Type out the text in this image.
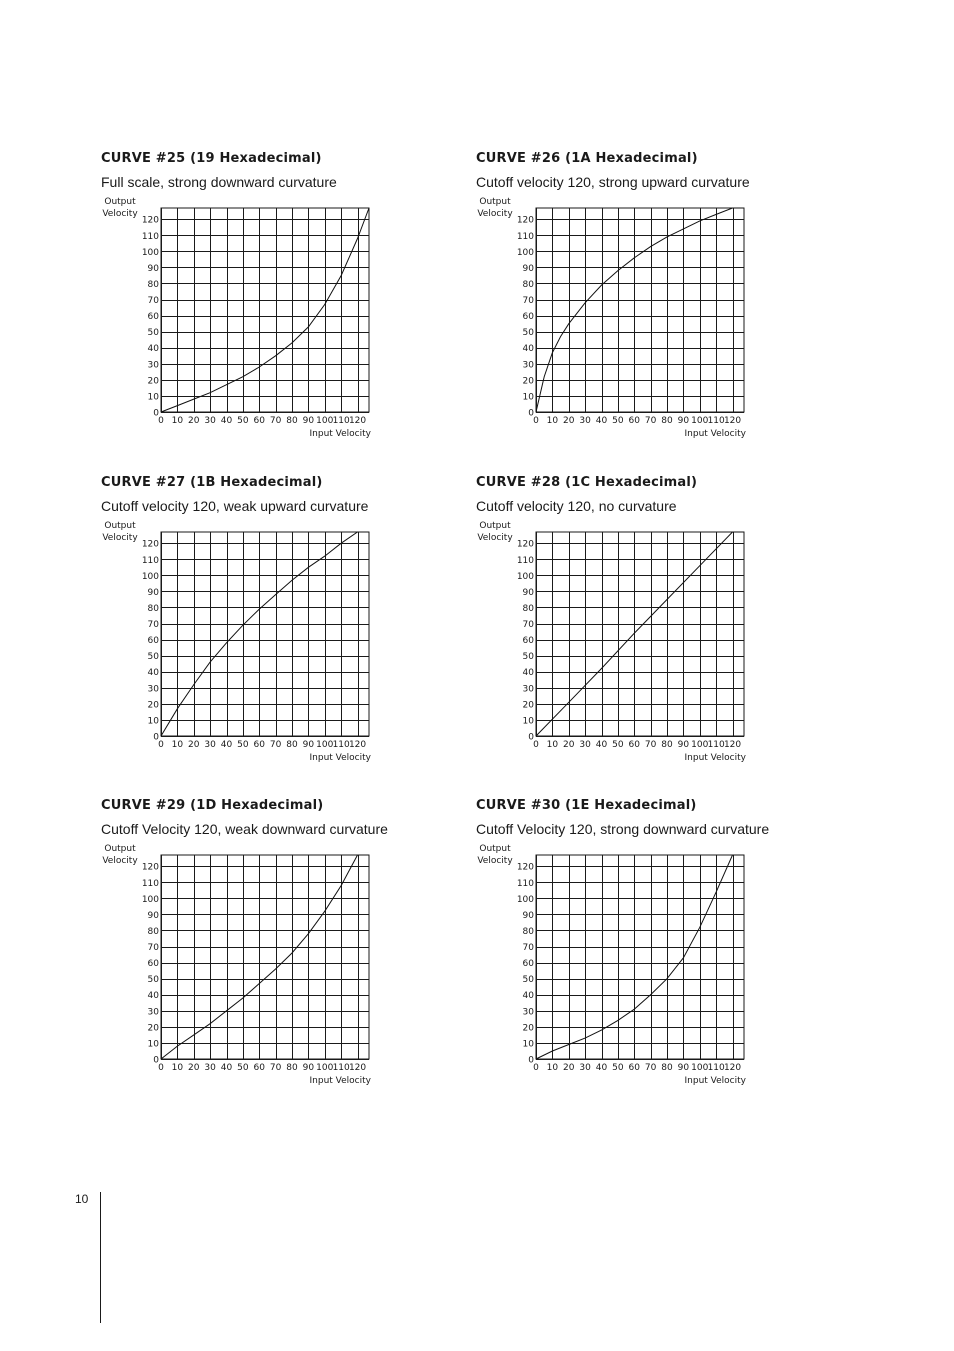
CURVE #25 (19 Hexadecimal)
Full scale, strong downward curvature
0
10
20
30
40
50
60
70
80
90
100
110
120
0 10 20 30 40 50 60 70 80 90 100 110 120
Output
Velocity
Input Velocity
CURVE #26 (1A Hexadecimal)
Cutoff velocity 120, strong upward curvature
0
10
20
30
40
50
60
70
80
90
100
110
120
0 10 20 30 40 50 60 70 80 90 100 110 120
Output
Velocity
Input Velocity
CURVE #27 (1B Hexadecimal)
Cutoff velocity 120, weak upward curvature
0
10
20
30
40
50
60
70
80
90
100
110
120
0 10 20 30 40 50 60 70 80 90 100 110 120
Output
Velocity
Input Velocity
CURVE #28 (1C Hexadecimal)
Cutoff velocity 120, no curvature
0
10
20
30
40
50
60
70
80
90
100
110
120
0 10 20 30 40 50 60 70 80 90 100 110 120
Output
Velocity
Input Velocity
CURVE #29 (1D Hexadecimal)
Cutoff Velocity 120, weak downward curvature
0
10
20
30
40
50
60
70
80
90
100
110
120
0 10 20 30 40 50 60 70 80 90 100 110 120
Output
Velocity
Input Velocity
CURVE #30 (1E Hexadecimal)
Cutoff Velocity 120, strong downward curvature
0
10
20
30
40
50
60
70
80
90
100
110
120
0 10 20 30 40 50 60 70 80 90 100 110 120
Output
Velocity
Input Velocity
10
